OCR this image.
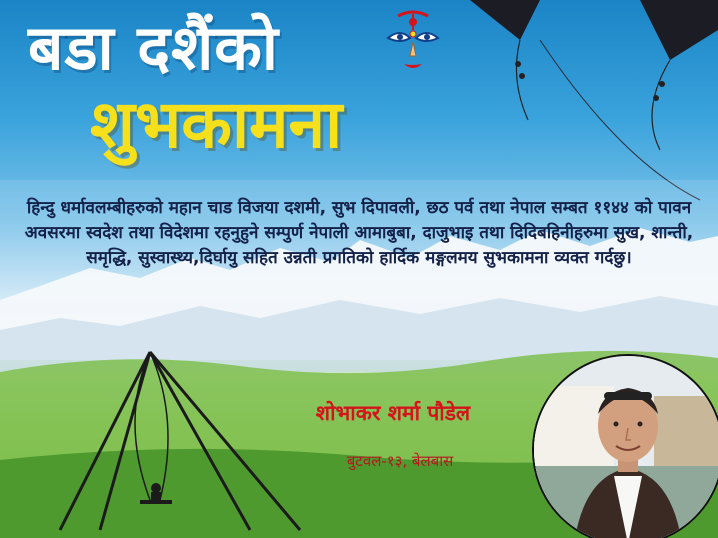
बडा दशैंको
शुभकामना

हिन्दु धर्मावलम्बीहरुको महान चाड विजया दशमी, सुभ दिपावली, छठ पर्व तथा नेपाल सम्बत ११४४ को पावन अवसरमा स्वदेश तथा विदेशमा रहनुहुने सम्पुर्ण नेपाली आमाबुबा, दाजुभाइ तथा दिदिबहिनीहरुमा सुख, शान्ती, समृद्धि, सुस्वास्थ्य,दिर्घायु सहित उन्नती प्रगतिको हार्दिक मङ्गलमय सुभकामना व्यक्त गर्दछु।

शोभाकर शर्मा पौडेल

बुटवल-१३, बेलबास
